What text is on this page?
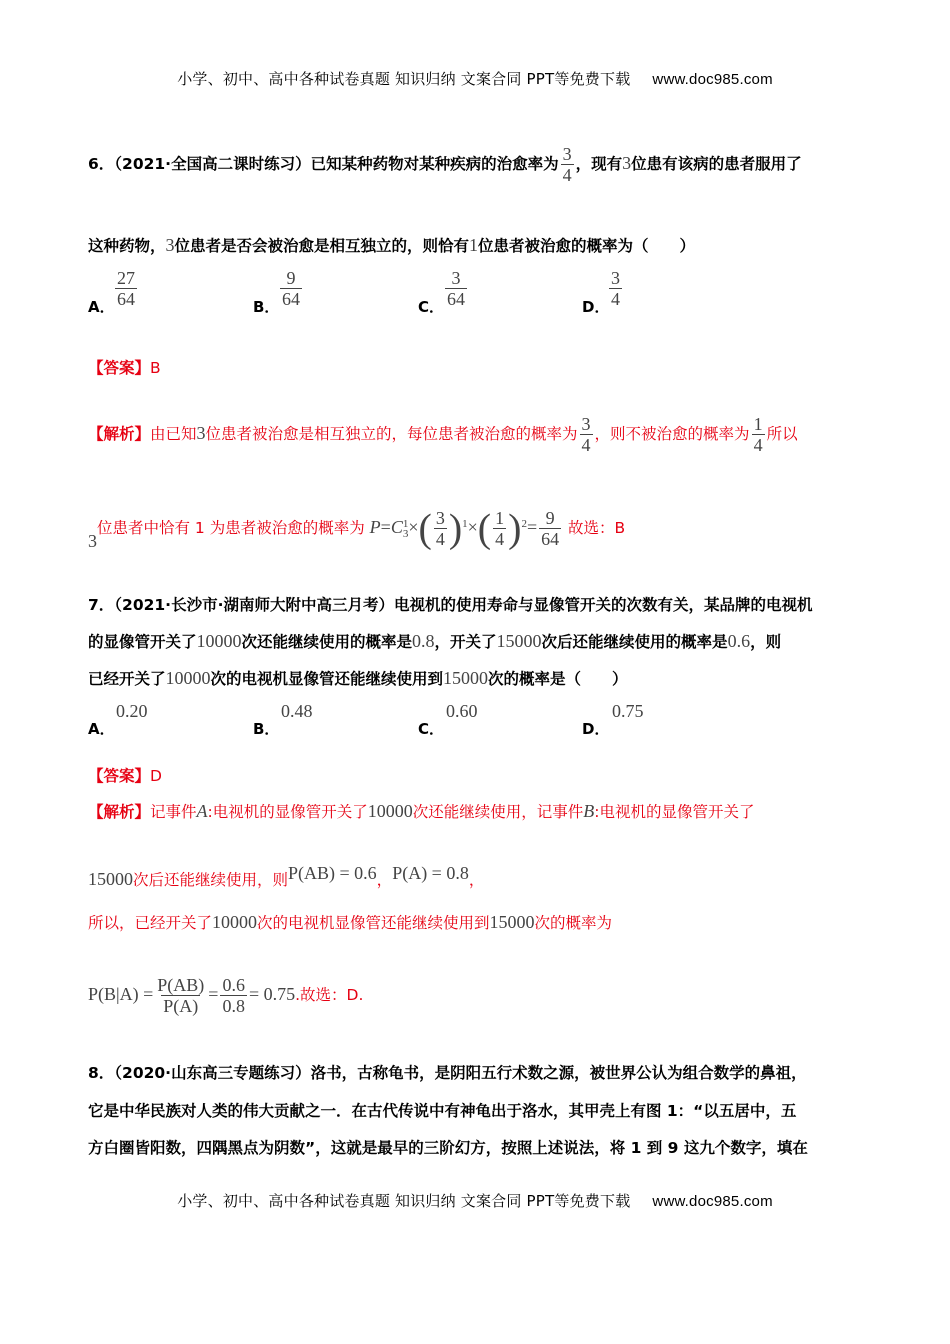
小学、初中、高中各种试卷真题 知识归纳 文案合同 PPT等免费下载 www.doc985.com
6．（2021·全国高二课时练习）已知某种药物对某种疾病的治愈率为 $\frac{3}{4}$ ，现有3位患有该病的患者服用了
这种药物，3位患者是否会被治愈是相互独立的，则恰有1位患者被治愈的概率为（　　）
A． $\frac{27}{64}$	B． $\frac{9}{64}$	C． $\frac{3}{64}$	D． $\frac{3}{4}$
【答案】B
【解析】由已知3位患者被治愈是相互独立的，每位患者被治愈的概率为 $\frac{3}{4}$ ，则不被治愈的概率为 $\frac{1}{4}$ 所以
3位患者中恰有 1 为患者被治愈的概率为 P=C 1
3 ×( $\frac{3}{4} )^1\times( \frac{1}{4} )^2= \frac{9}{64}$ 故选：B
7．（2021·长沙市·湖南师大附中高三月考）电视机的使用寿命与显像管开关的次数有关，某品牌的电视机
的显像管开关了10000次还能继续使用的概率是0.8，开关了15000次后还能继续使用的概率是0.6，则
已经开关了10000次的电视机显像管还能继续使用到15000次的概率是（　　）
A．
0.20
B．
0.48
C．
0.60
D．
0.75
【答案】D
【解析】记事件A:电视机的显像管开关了10000次还能继续使用，记事件B:电视机的显像管开关了
15000次后还能继续使用，则P(AB) = 0.6，P(A) = 0.8，
所以，已经开关了10000次的电视机显像管还能继续使用到15000次的概率为
$P(B|A) = \frac{P(AB)}{P(A)} = \frac{0.6}{0.8} = 0.75$.故选：D.
8．（2020·山东高三专题练习）洛书，古称龟书，是阴阳五行术数之源，被世界公认为组合数学的鼻祖，
它是中华民族对人类的伟大贡献之一．在古代传说中有神龟出于洛水，其甲壳上有图 1：“以五居中，五
方白圈皆阳数，四隅黑点为阴数”，这就是最早的三阶幻方，按照上述说法，将 1 到 9 这九个数字，填在
小学、初中、高中各种试卷真题 知识归纳 文案合同 PPT等免费下载 www.doc985.com
